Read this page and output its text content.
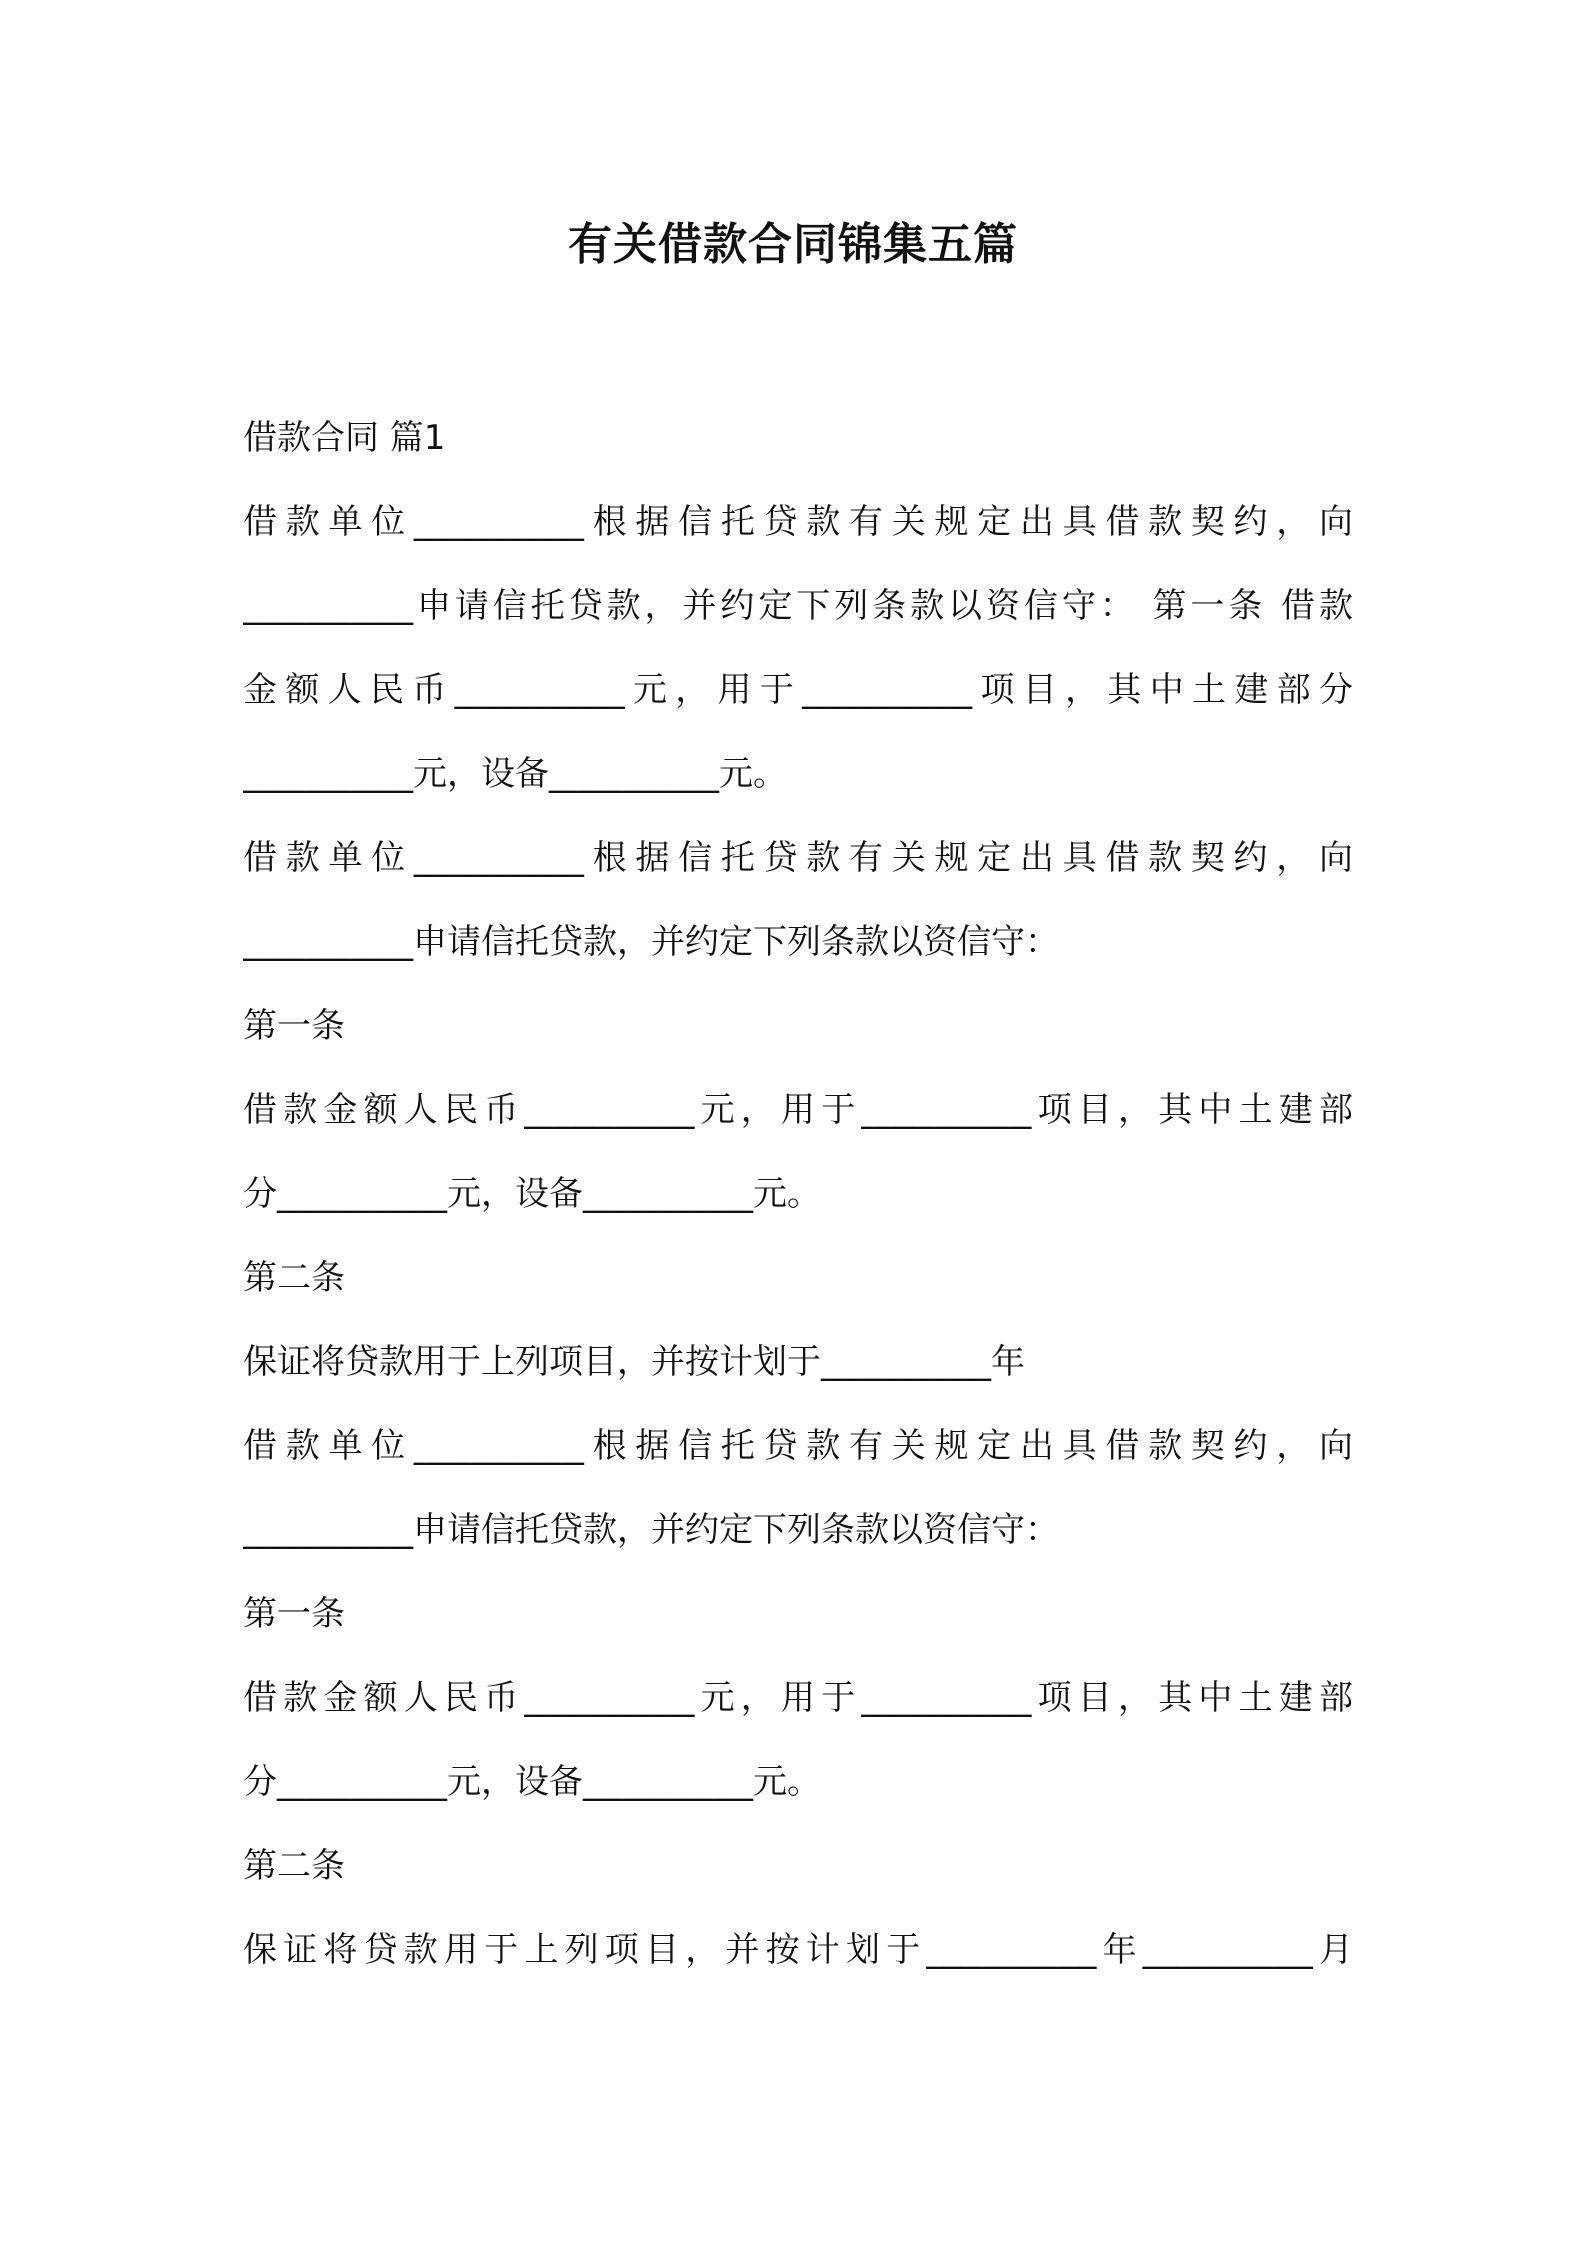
有关借款合同锦集五篇
借款合同 篇1
借款单位__________根据信托贷款有关规定出具借款契约，向
__________申请信托贷款，并约定下列条款以资信守： 第一条 借款
金额人民币__________元，用于__________项目，其中土建部分
__________元，设备__________元。
借款单位__________根据信托贷款有关规定出具借款契约，向
__________申请信托贷款，并约定下列条款以资信守：
第一条
借款金额人民币__________元，用于__________项目，其中土建部
分__________元，设备__________元。
第二条
保证将贷款用于上列项目，并按计划于__________年
借款单位__________根据信托贷款有关规定出具借款契约，向
__________申请信托贷款，并约定下列条款以资信守：
第一条
借款金额人民币__________元，用于__________项目，其中土建部
分__________元，设备__________元。
第二条
保证将贷款用于上列项目，并按计划于__________年__________月
